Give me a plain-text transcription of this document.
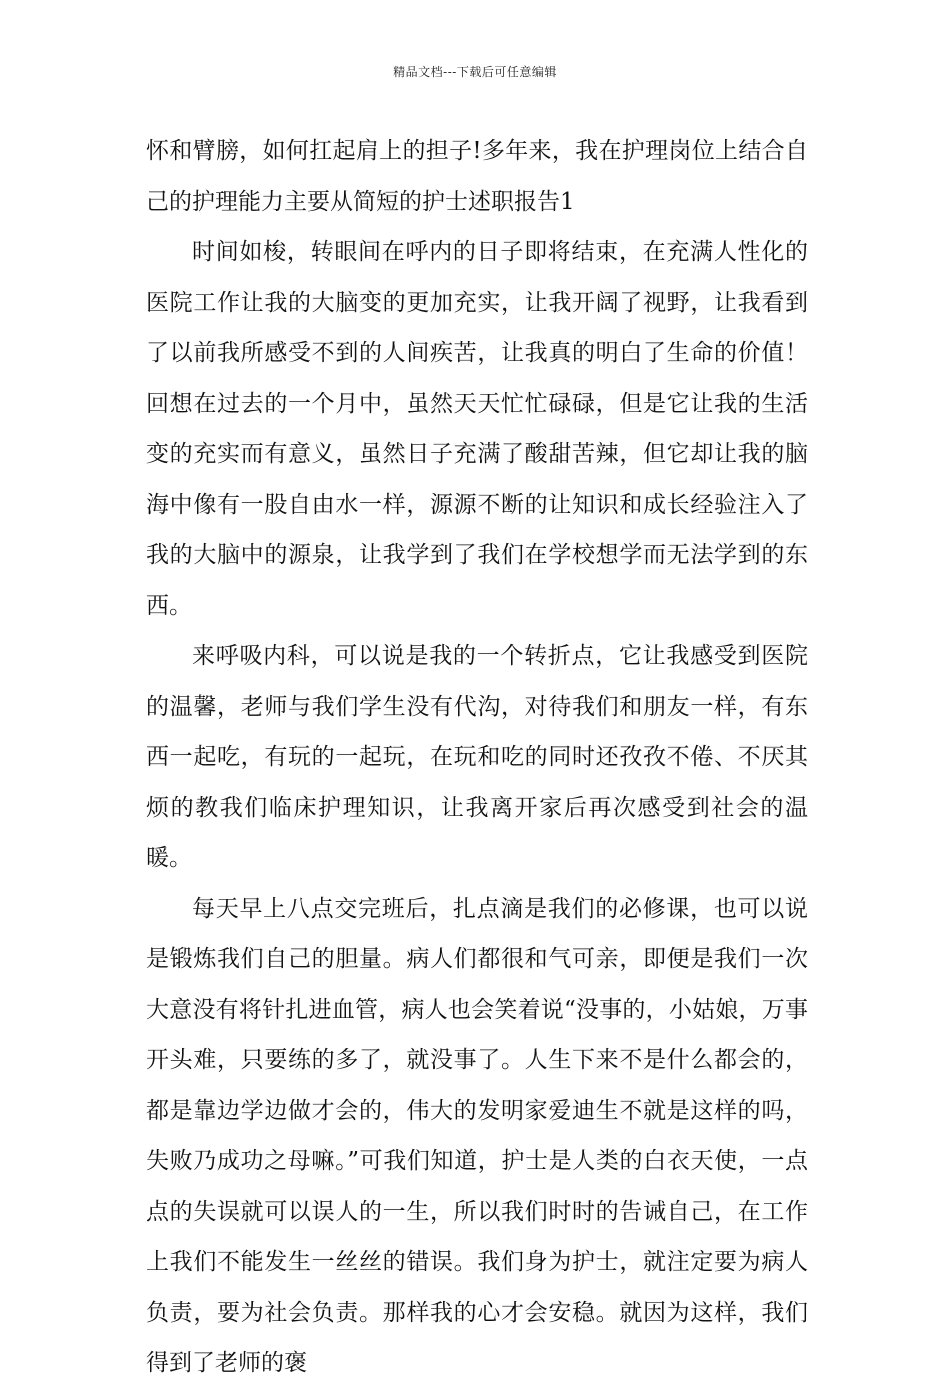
精品文档---下载后可任意编辑

怀和臂膀，如何扛起肩上的担子!多年来，我在护理岗位上结合自己的护理能力主要从简短的护士述职报告1

时间如梭，转眼间在呼内的日子即将结束，在充满人性化的医院工作让我的大脑变的更加充实，让我开阔了视野，让我看到了以前我所感受不到的人间疾苦，让我真的明白了生命的价值！回想在过去的一个月中，虽然天天忙忙碌碌，但是它让我的生活变的充实而有意义，虽然日子充满了酸甜苦辣，但它却让我的脑海中像有一股自由水一样，源源不断的让知识和成长经验注入了我的大脑中的源泉，让我学到了我们在学校想学而无法学到的东西。

来呼吸内科，可以说是我的一个转折点，它让我感受到医院的温馨，老师与我们学生没有代沟，对待我们和朋友一样，有东西一起吃，有玩的一起玩，在玩和吃的同时还孜孜不倦、不厌其烦的教我们临床护理知识，让我离开家后再次感受到社会的温暖。

每天早上八点交完班后，扎点滴是我们的必修课，也可以说是锻炼我们自己的胆量。病人们都很和气可亲，即便是我们一次大意没有将针扎进血管，病人也会笑着说“没事的，小姑娘，万事开头难，只要练的多了，就没事了。人生下来不是什么都会的，都是靠边学边做才会的，伟大的发明家爱迪生不就是这样的吗，失败乃成功之母嘛。”可我们知道，护士是人类的白衣天使，一点点的失误就可以误人的一生，所以我们时时的告诫自己，在工作上我们不能发生一丝丝的错误。我们身为护士，就注定要为病人负责，要为社会负责。那样我的心才会安稳。就因为这样，我们得到了老师的褒
